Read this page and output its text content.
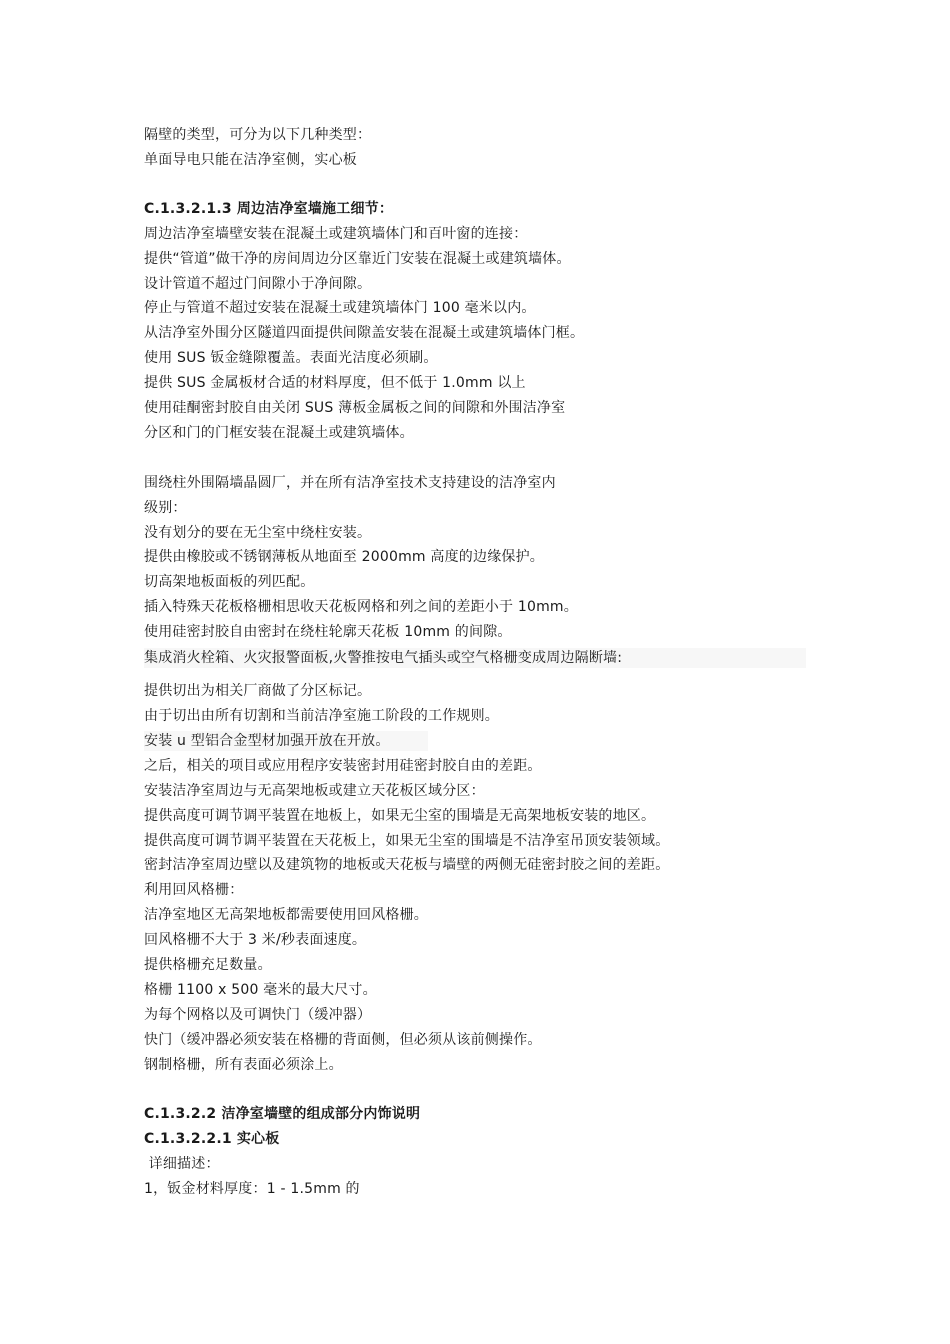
隔壁的类型，可分为以下几种类型：
单面导电只能在洁净室侧，实心板
C.1.3.2.1.3 周边洁净室墙施工细节：
周边洁净室墙壁安装在混凝土或建筑墙体门和百叶窗的连接：
提供“管道”做干净的房间周边分区靠近门安装在混凝土或建筑墙体。
设计管道不超过门间隙小于净间隙。
停止与管道不超过安装在混凝土或建筑墙体门 100 毫米以内。
从洁净室外围分区隧道四面提供间隙盖安装在混凝土或建筑墙体门框。
使用 SUS 钣金缝隙覆盖。表面光洁度必须刷。
提供 SUS 金属板材合适的材料厚度，但不低于 1.0mm 以上
使用硅酮密封胶自由关闭 SUS 薄板金属板之间的间隙和外围洁净室
分区和门的门框安装在混凝土或建筑墙体。
围绕柱外围隔墙晶圆厂，并在所有洁净室技术支持建设的洁净室内
级别：
没有划分的要在无尘室中绕柱安装。
提供由橡胶或不锈钢薄板从地面至 2000mm 高度的边缘保护。
切高架地板面板的列匹配。
插入特殊天花板格栅相思收天花板网格和列之间的差距小于 10mm。
使用硅密封胶自由密封在绕柱轮廓天花板 10mm 的间隙。
集成消火栓箱、火灾报警面板,火警推按电气插头或空气格栅变成周边隔断墙:
提供切出为相关厂商做了分区标记。
由于切出由所有切割和当前洁净室施工阶段的工作规则。
安装 u 型铝合金型材加强开放在开放。
之后，相关的项目或应用程序安装密封用硅密封胶自由的差距。
安装洁净室周边与无高架地板或建立天花板区域分区：
提供高度可调节调平装置在地板上，如果无尘室的围墙是无高架地板安装的地区。
提供高度可调节调平装置在天花板上，如果无尘室的围墙是不洁净室吊顶安装领域。
密封洁净室周边壁以及建筑物的地板或天花板与墙壁的两侧无硅密封胶之间的差距。
利用回风格栅：
洁净室地区无高架地板都需要使用回风格栅。
回风格栅不大于 3 米/秒表面速度。
提供格栅充足数量。
格栅 1100 x 500 毫米的最大尺寸。
为每个网格以及可调快门（缓冲器）
快门（缓冲器必须安装在格栅的背面侧，但必须从该前侧操作。
钢制格栅，所有表面必须涂上。
C.1.3.2.2 洁净室墙壁的组成部分内饰说明
C.1.3.2.2.1 实心板
详细描述：
1，钣金材料厚度：1 - 1.5mm 的
